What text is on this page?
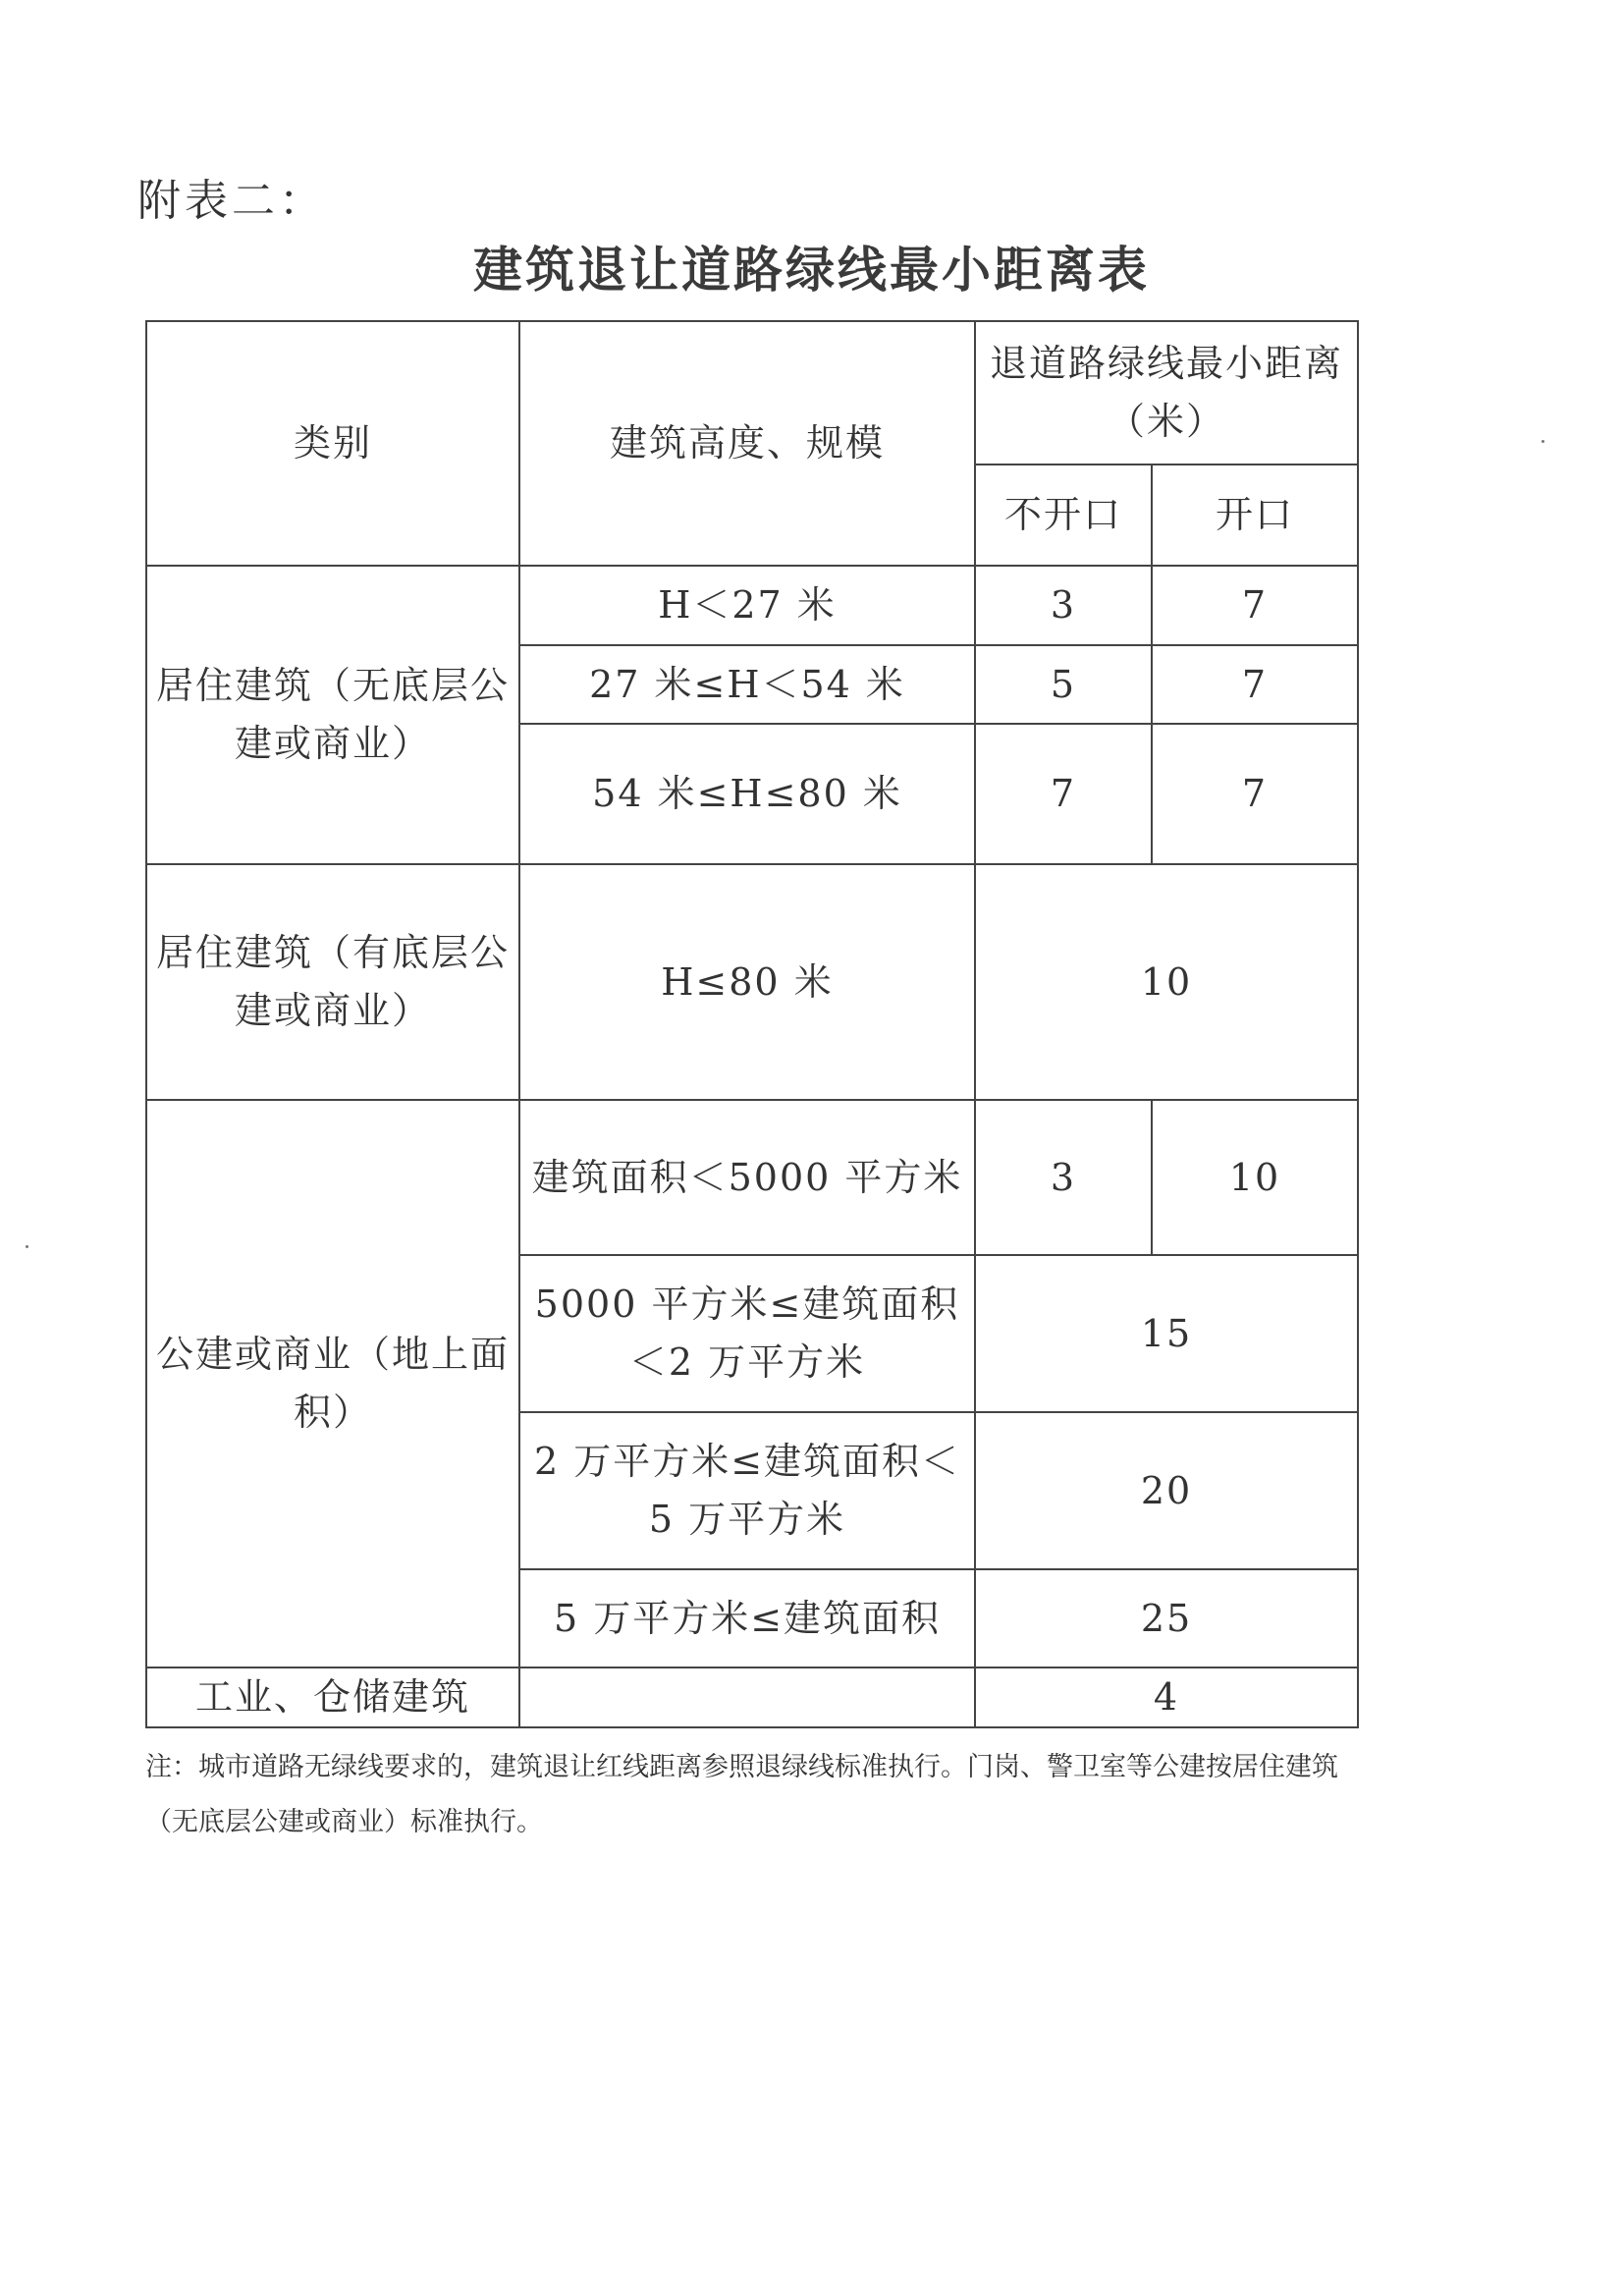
附表二：
建筑退让道路绿线最小距离表
类别	建筑高度、规模	退道路绿线最小距离（米）	
		不开口	开口
居住建筑（无底层公建或商业）	H＜27 米	3	7
	27 米≤H＜54 米	5	7
	54 米≤H≤80 米	7	7
居住建筑（有底层公建或商业）	H≤80 米	10	
公建或商业（地上面积）	建筑面积＜5000 平方米	3	10
	5000 平方米≤建筑面积＜2 万平方米	15	
	2 万平方米≤建筑面积＜5 万平方米	20	
	5 万平方米≤建筑面积	25	
工业、仓储建筑		4	
注：城市道路无绿线要求的，建筑退让红线距离参照退绿线标准执行。门岗、警卫室等公建按居住建筑（无底层公建或商业）标准执行。
